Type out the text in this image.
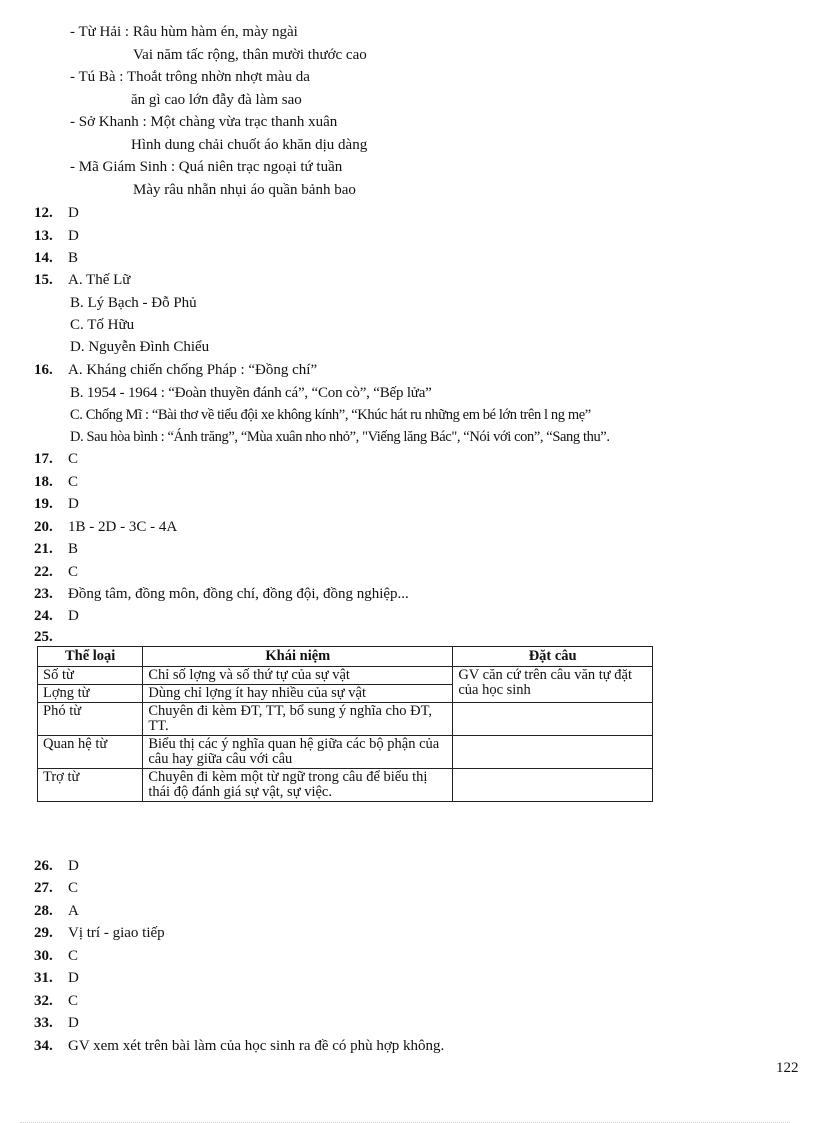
- Từ Hải : Râu hùm hàm én, mày ngài
Vai năm tấc rộng, thân mười thước cao
- Tú Bà : Thoắt trông nhờn nhợt màu da
ăn gì cao lớn đẫy đà làm sao
- Sở Khanh : Một chàng vừa trạc thanh xuân
Hình dung chải chuốt áo khăn dịu dàng
- Mã Giám Sinh : Quá niên trạc ngoại tứ tuần
Mày râu nhẵn nhụi áo quần bảnh bao
12. D
13. D
14. B
15. A. Thế Lữ
B. Lý Bạch - Đỗ Phủ
C. Tố Hữu
D. Nguyễn Đình Chiểu
16. A. Kháng chiến chống Pháp : “Đồng chí”
B. 1954 - 1964 : “Đoàn thuyền đánh cá”, “Con cò”, “Bếp lửa”
C. Chống Mĩ : “Bài thơ về tiểu đội xe không kính”, “Khúc hát ru những em bé lớn trên l ng mẹ”
D. Sau hòa bình : “Ánh trăng”, “Mùa xuân nho nhỏ”, "Viếng lăng Bác", “Nói với con”, “Sang thu”.
17. C
18. C
19. D
20. 1B - 2D - 3C - 4A
21. B
22. C
23. Đồng tâm, đồng môn, đồng chí, đồng đội, đồng nghiệp...
24. D
25.
Thể loại	Khái niệm	Đặt câu
Số từ	Chỉ số lợng và số thứ tự của sự vật	GV căn cứ trên câu văn tự đặt của học sinh
Lợng từ	Dùng chỉ lợng ít hay nhiều của sự vật	
Phó từ	Chuyên đi kèm ĐT, TT, bổ sung ý nghĩa cho ĐT, TT.	
Quan hệ từ	Biểu thị các ý nghĩa quan hệ giữa các bộ phận của câu hay giữa câu với câu	
Trợ từ	Chuyên đi kèm một từ ngữ trong câu để biểu thị thái độ đánh giá sự vật, sự việc.	
26. D
27. C
28. A
29. Vị trí - giao tiếp
30. C
31. D
32. C
33. D
34. GV xem xét trên bài làm của học sinh ra đề có phù hợp không.
122
